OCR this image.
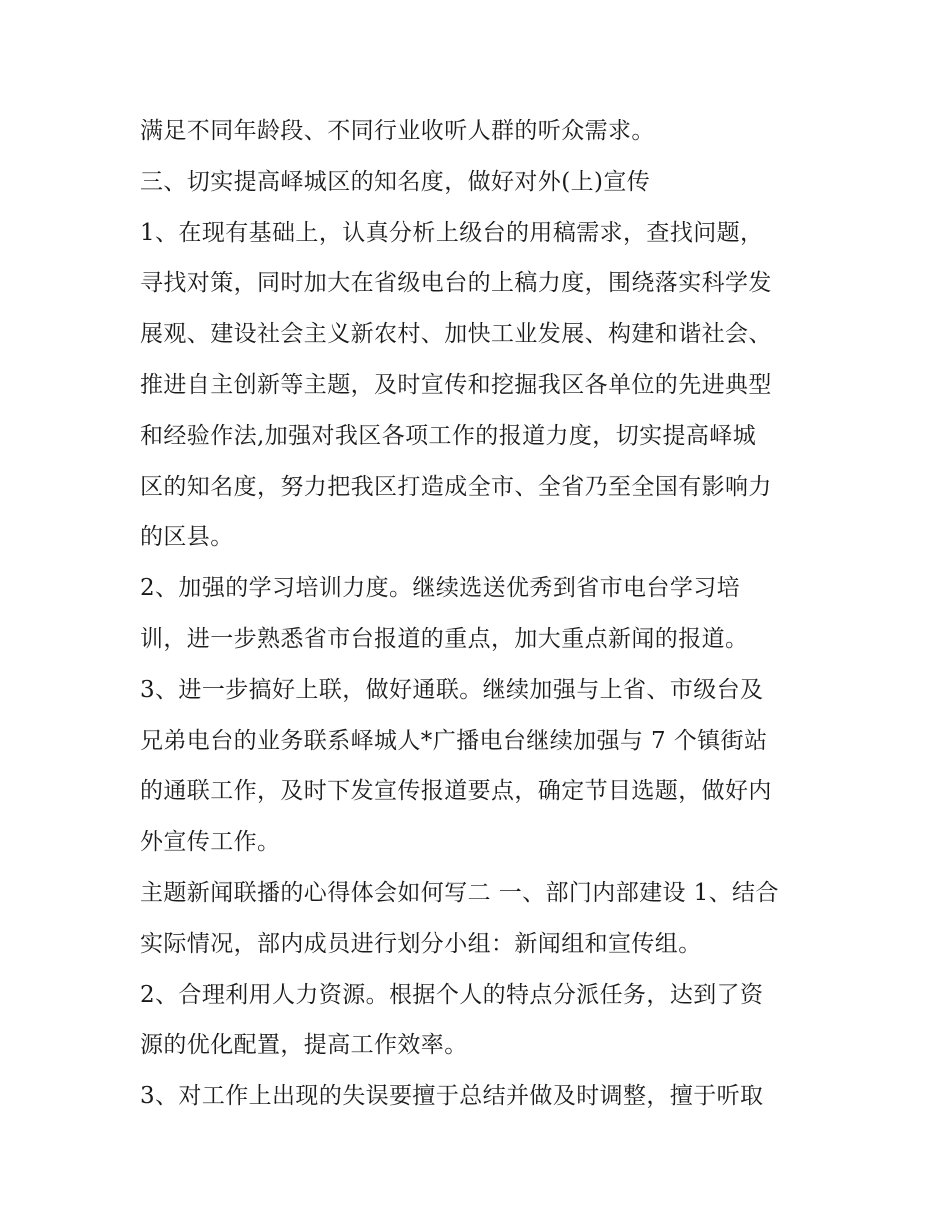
满足不同年龄段、不同行业收听人群的听众需求。
三、切实提高峄城区的知名度，做好对外(上)宣传
1、在现有基础上，认真分析上级台的用稿需求，查找问题，
寻找对策，同时加大在省级电台的上稿力度，围绕落实科学发
展观、建设社会主义新农村、加快工业发展、构建和谐社会、
推进自主创新等主题，及时宣传和挖掘我区各单位的先进典型
和经验作法,加强对我区各项工作的报道力度，切实提高峄城
区的知名度，努力把我区打造成全市、全省乃至全国有影响力
的区县。
2、加强的学习培训力度。继续选送优秀到省市电台学习培
训，进一步熟悉省市台报道的重点，加大重点新闻的报道。
3、进一步搞好上联，做好通联。继续加强与上省、市级台及
兄弟电台的业务联系峄城人*广播电台继续加强与 7 个镇街站
的通联工作，及时下发宣传报道要点，确定节目选题，做好内
外宣传工作。
主题新闻联播的心得体会如何写二 一、部门内部建设 1、结合
实际情况，部内成员进行划分小组：新闻组和宣传组。
2、合理利用人力资源。根据个人的特点分派任务，达到了资
源的优化配置，提高工作效率。
3、对工作上出现的失误要擅于总结并做及时调整，擅于听取
